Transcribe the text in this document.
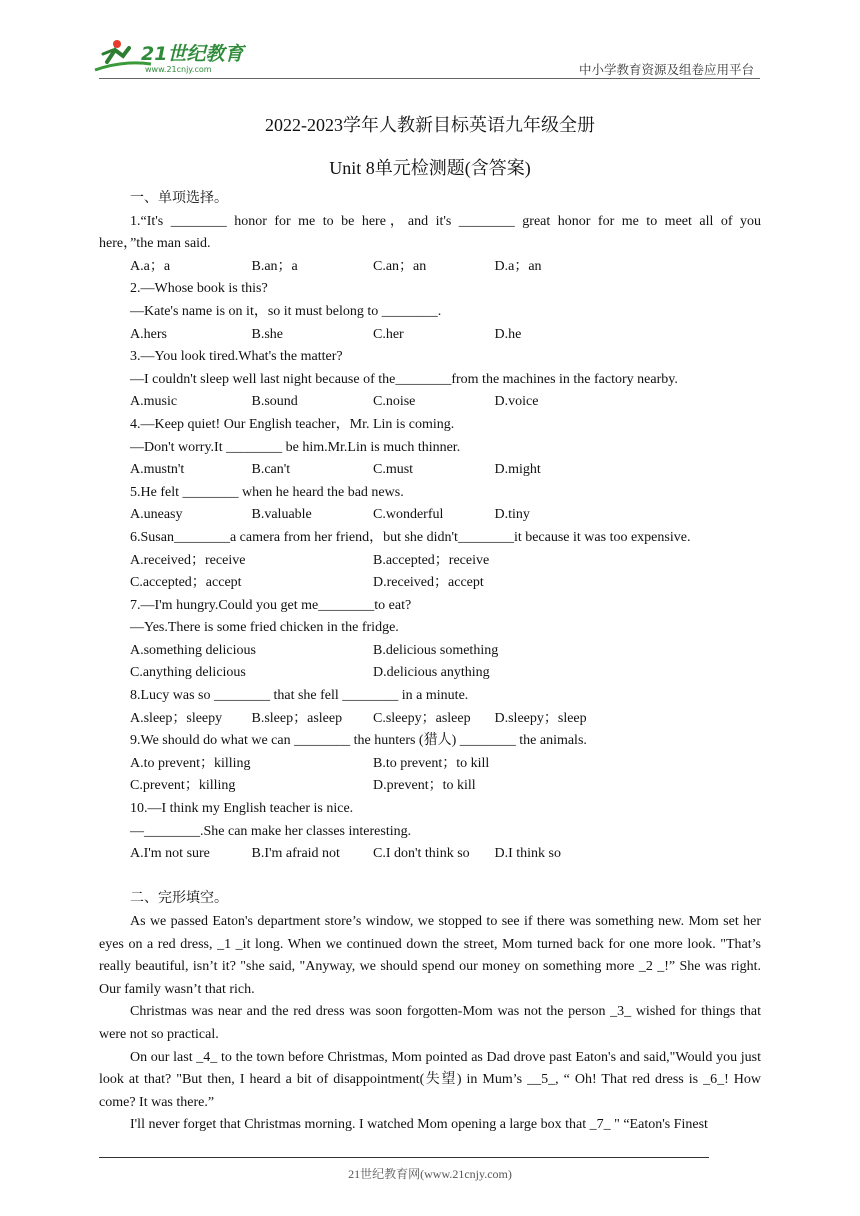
21世纪教育
www.21cnjy.com	中小学教育资源及组卷应用平台
2022-2023学年人教新目标英语九年级全册
Unit 8单元检测题(含答案)
一、单项选择。
1.“It's ________ honor for me to be here，and it's ________ great honor for me to meet all of you
here，”the man said.
A.a；a	B.an；a	C.an；an	D.a；an
2.—Whose book is this?
—Kate's name is on it，so it must belong to ________.
A.hers	B.she	C.her	D.he
3.—You look tired.What's the matter?
—I couldn't sleep well last night because of the________from the machines in the factory nearby.
A.music	B.sound	C.noise	D.voice
4.—Keep quiet! Our English teacher，Mr. Lin is coming.
—Don't worry.It ________ be him.Mr.Lin is much thinner.
A.mustn't	B.can't	C.must	D.might
5.He felt ________ when he heard the bad news.
A.uneasy	B.valuable	C.wonderful	D.tiny
6.Susan________a camera from her friend，but she didn't________it because it was too expensive.
A.received；receive	B.accepted；receive
C.accepted；accept	D.received；accept
7.—I'm hungry.Could you get me________to eat?
—Yes.There is some fried chicken in the fridge.
A.something delicious	B.delicious something
C.anything delicious	D.delicious anything
8.Lucy was so ________ that she fell ________ in a minute.
A.sleep；sleepy B.sleep；asleep C.sleepy；asleep D.sleepy；sleep
9.We should do what we can ________ the hunters (猎人) ________ the animals.
A.to prevent；killing	B.to prevent；to kill
C.prevent；killing	D.prevent；to kill
10.—I think my English teacher is nice.
—________.She can make her classes interesting.
A.I'm not sure	B.I'm afraid not C.I don't think so D.I think so
二、完形填空。
As we passed Eaton's department store’s window, we stopped to see if there was something new. Mom set her eyes on a red dress, _1 _it long. When we continued down the street, Mom turned back for one more look. "That’s really beautiful, isn’t it? "she said, "Anyway, we should spend our money on something more _2 _!” She was right. Our family wasn’t that rich.
Christmas was near and the red dress was soon forgotten-Mom was not the person _3_ wished for things that were not so practical.
On our last _4_ to the town before Christmas, Mom pointed as Dad drove past Eaton's and said,"Would you just look at that? "But then, I heard a bit of disappointment(失望) in Mum’s __5_, “ Oh! That red dress is _6_! How come? It was there.”
I'll never forget that Christmas morning. I watched Mom opening a large box that _7_ " “Eaton's Finest
21世纪教育网(www.21cnjy.com)
